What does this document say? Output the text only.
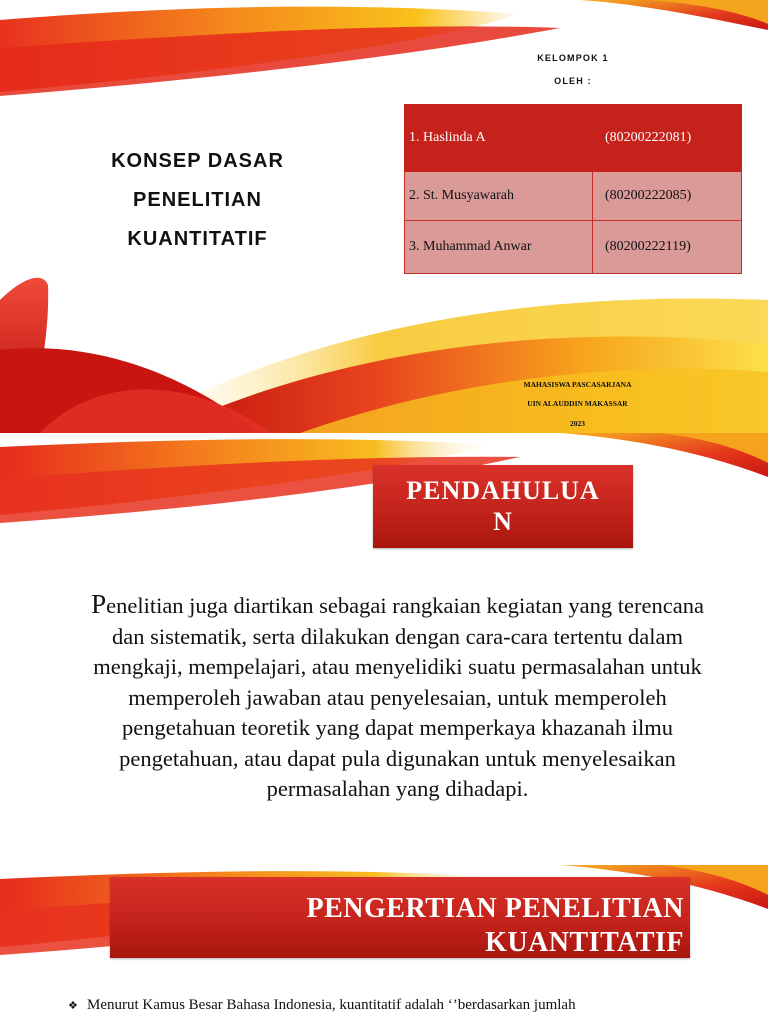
KONSEP DASAR
PENELITIAN
KUANTITATIF
KELOMPOK 1
OLEH :
1. Haslinda A	(80200222081)
2. St. Musyawarah	(80200222085)
3. Muhammad Anwar	(80200222119)
MAHASISWA PASCASARJANA
UIN ALAUDDIN MAKASSAR
2023
PENDAHULUA
N
Penelitian juga diartikan sebagai rangkaian kegiatan yang terencana dan sistematik, serta dilakukan dengan cara-cara tertentu dalam mengkaji, mempelajari, atau menyelidiki suatu permasalahan untuk memperoleh jawaban atau penyelesaian, untuk memperoleh pengetahuan teoretik yang dapat memperkaya khazanah ilmu pengetahuan, atau dapat pula digunakan untuk menyelesaikan permasalahan yang dihadapi.
PENGERTIAN PENELITIAN
KUANTITATIF
❖ Menurut Kamus Besar Bahasa Indonesia, kuantitatif adalah ‘’berdasarkan jumlah
